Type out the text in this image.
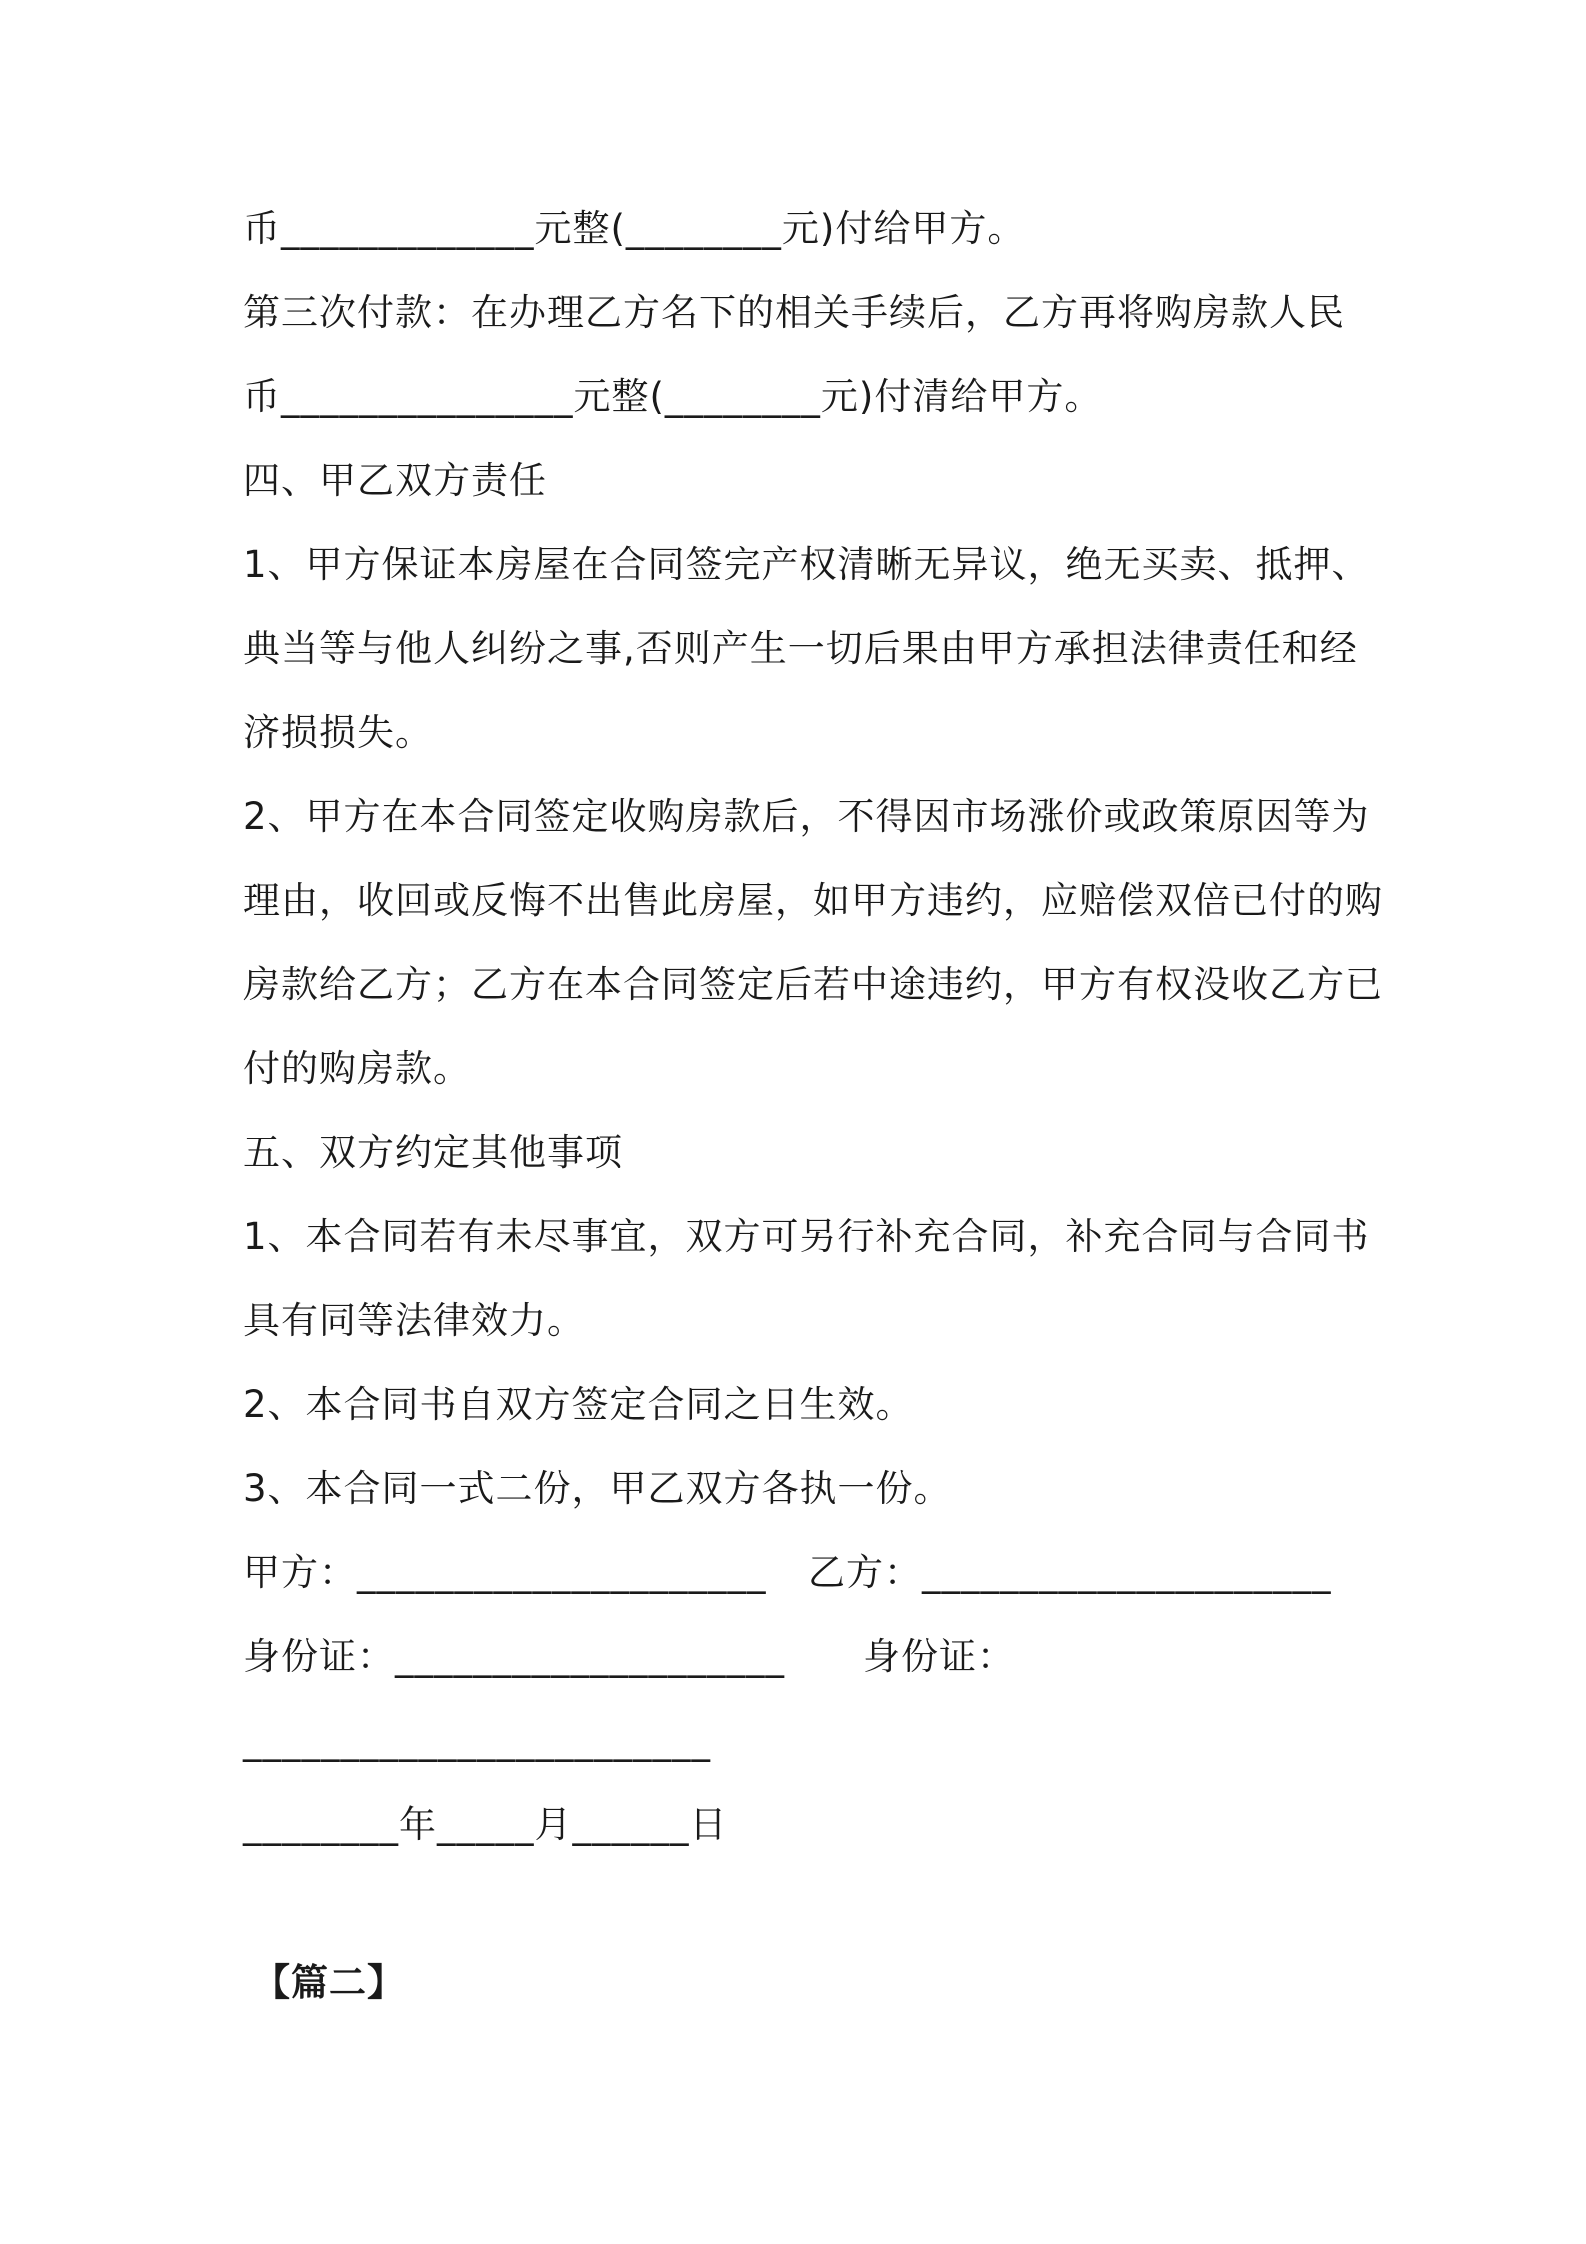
币_____________元整(________元)付给甲方。
第三次付款：在办理乙方名下的相关手续后，乙方再将购房款人民
币_______________元整(________元)付清给甲方。
四、甲乙双方责任
1、甲方保证本房屋在合同签完产权清晰无异议，绝无买卖、抵押、
典当等与他人纠纷之事,否则产生一切后果由甲方承担法律责任和经
济损损失。
2、甲方在本合同签定收购房款后，不得因市场涨价或政策原因等为
理由，收回或反悔不出售此房屋，如甲方违约，应赔偿双倍已付的购
房款给乙方；乙方在本合同签定后若中途违约，甲方有权没收乙方已
付的购房款。
五、双方约定其他事项
1、本合同若有未尽事宜，双方可另行补充合同，补充合同与合同书
具有同等法律效力。
2、本合同书自双方签定合同之日生效。
3、本合同一式二份，甲乙双方各执一份。
甲方：_____________________	乙方：_____________________
身份证：____________________	身份证：
________________________
________年_____月______日
【篇二】
